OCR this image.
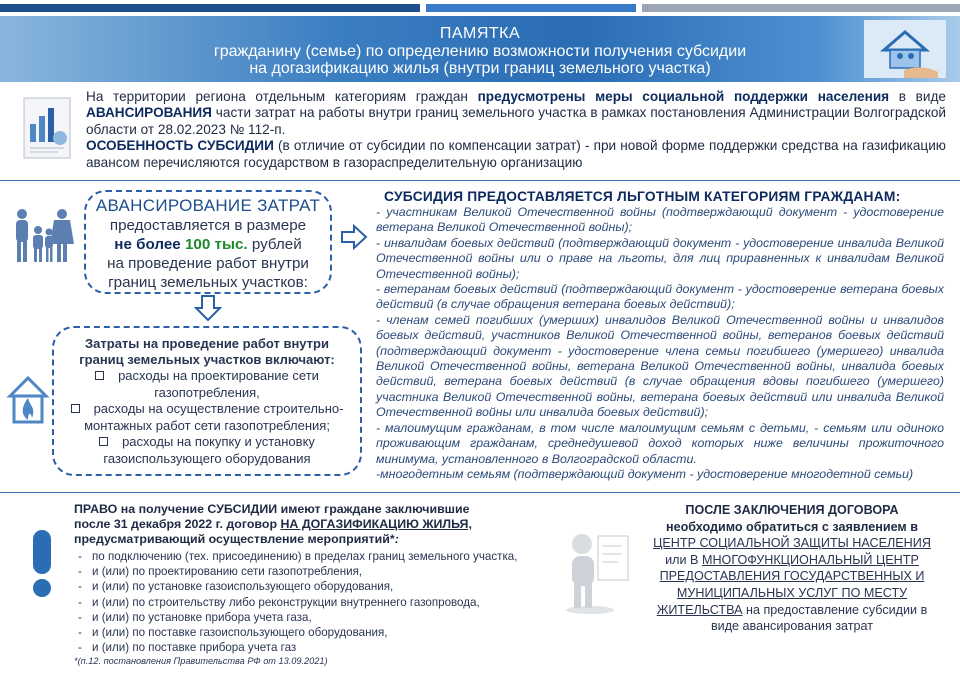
ПАМЯТКА
гражданину (семье) по определению возможности получения субсидии
на догазификацию жилья (внутри границ земельного участка)
На территории региона отдельным категориям граждан предусмотрены меры социальной поддержки населения в виде АВАНСИРОВАНИЯ части затрат на работы внутри границ земельного участка в рамках постановления Администрации Волгоградской области от 28.02.2023 № 112-п.
ОСОБЕННОСТЬ СУБСИДИИ (в отличие от субсидии по компенсации затрат) - при новой форме поддержки средства на газификацию авансом перечисляются государством в газораспределительную организацию
АВАНСИРОВАНИЕ ЗАТРАТ
предоставляется в размере
не более 100 тыс. рублей
на проведение работ внутри
границ земельных участков:
Затраты на проведение работ внутри
границ земельных участков включают:
расходы на проектирование сети
газопотребления,
расходы на осуществление строительно-
монтажных работ сети газопотребления;
расходы на покупку и установку
газоиспользующего оборудования
СУБСИДИЯ ПРЕДОСТАВЛЯЕТСЯ ЛЬГОТНЫМ КАТЕГОРИЯМ ГРАЖДАНАМ:

- участникам Великой Отечественной войны (подтверждающий документ - удостоверение ветерана Великой Отечественной войны);

- инвалидам боевых действий (подтверждающий документ - удостоверение инвалида Великой Отечественной войны или о праве на льготы, для лиц приравненных к инвалидам Великой Отечественной войны);

- ветеранам боевых действий (подтверждающий документ - удостоверение ветерана боевых действий (в случае обращения ветерана боевых действий);

- членам семей погибших (умерших) инвалидов Великой Отечественной войны и инвалидов боевых действий, участников Великой Отечественной войны, ветеранов боевых действий (подтверждающий документ - удостоверение члена семьи погибшего (умершего) инвалида Великой Отечественной войны, ветерана Великой Отечественной войны, инвалида боевых действий, ветерана боевых действий (в случае обращения вдовы погибшего (умершего) участника Великой Отечественной войны, ветерана боевых действий или инвалида Великой Отечественной войны или инвалида боевых действий);

- малоимущим гражданам, в том числе малоимущим семьям с детьми, - семьям или одиноко проживающим гражданам, среднедушевой доход которых ниже величины прожиточного минимума, установленного в Волгоградской области.

-многодетным семьям (подтверждающий документ - удостоверение многодетной семьи)

ПРАВО на получение СУБСИДИИ имеют граждане заключившие
после 31 декабря 2022 г. договор НА ДОГАЗИФИКАЦИЮ ЖИЛЬЯ,
предусматривающий осуществление мероприятий*:
- по подключению (тех. присоединению) в пределах границ земельного участка,
- и (или) по проектированию сети газопотребления,
- и (или) по установке газоиспользующего оборудования,
- и (или) по строительству либо реконструкции внутреннего газопровода,
- и (или) по установке прибора учета газа,
- и (или) по поставке газоиспользующего оборудования,
- и (или) по поставке прибора учета газ
*(п.12. постановления Правительства РФ от 13.09.2021)
ПОСЛЕ ЗАКЛЮЧЕНИЯ ДОГОВОРА
необходимо обратиться с заявлением в
ЦЕНТР СОЦИАЛЬНОЙ ЗАЩИТЫ НАСЕЛЕНИЯ
или В МНОГОФУНКЦИОНАЛЬНЫЙ ЦЕНТР
ПРЕДОСТАВЛЕНИЯ ГОСУДАРСТВЕННЫХ И
МУНИЦИПАЛЬНЫХ УСЛУГ ПО МЕСТУ
ЖИТЕЛЬСТВА на предоставление субсидии в
виде авансирования затрат
